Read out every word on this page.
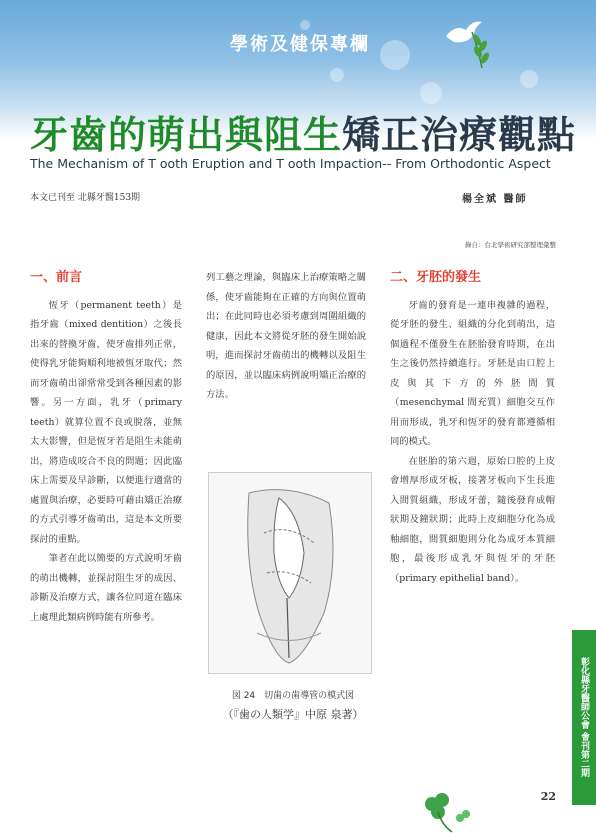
學術及健保專欄
牙齒的萌出與阻生矯正治療觀點
The Mechanism of T ooth Eruption and T ooth Impaction-- From Orthodontic Aspect
本文已刊至 北縣牙醫153期	楊全斌 醫師
錄自：台北學術研究部整理彙整
一、前言

恆牙（permanent teeth）是指牙齒（mixed dentition）之後長出來的替換牙齒，使牙齒排列正常，使得乳牙能夠順利地被恆牙取代；然而牙齒萌出卻常常受到各種因素的影響。另一方面，乳牙（primary teeth）就算位置不良或脫落，並無太大影響，但是恆牙若是阻生未能萌出，將造成咬合不良的問題；因此臨床上需要及早診斷，以便進行適當的處置與治療，必要時可藉由矯正治療的方式引導牙齒萌出，這是本文所要探討的重點。

筆者在此以簡要的方式說明牙齒的萌出機轉，並探討阻生牙的成因、診斷及治療方式，讓各位同道在臨床上處理此類病例時能有所參考。

列工藝之理論，與臨床上治療策略之關係，使牙齒能夠在正確的方向與位置萌出；在此同時也必須考慮到周圍組織的健康，因此本文將從牙胚的發生開始說明，進而探討牙齒萌出的機轉以及阻生的原因，並以臨床病例說明矯正治療的方法。

図 24　切歯の歯導管の模式図
（『歯の人類学』中原 泉著）
二、牙胚的發生

牙齒的發育是一連串複雜的過程，從牙胚的發生、組織的分化到萌出，這個過程不僅發生在胚胎發育時期，在出生之後仍然持續進行。牙胚是由口腔上皮與其下方的外胚間質（mesenchymal 間充質）細胞交互作用而形成，乳牙和恆牙的發育都遵循相同的模式。

在胚胎的第六週，原始口腔的上皮會增厚形成牙板，接著牙板向下生長進入間質組織，形成牙蕾，隨後發育成帽狀期及鐘狀期；此時上皮細胞分化為成釉細胞，間質細胞則分化為成牙本質細胞，最後形成乳牙與恆牙的牙胚（primary epithelial band）。

彰化縣牙醫師公會 會刊第二期
22
